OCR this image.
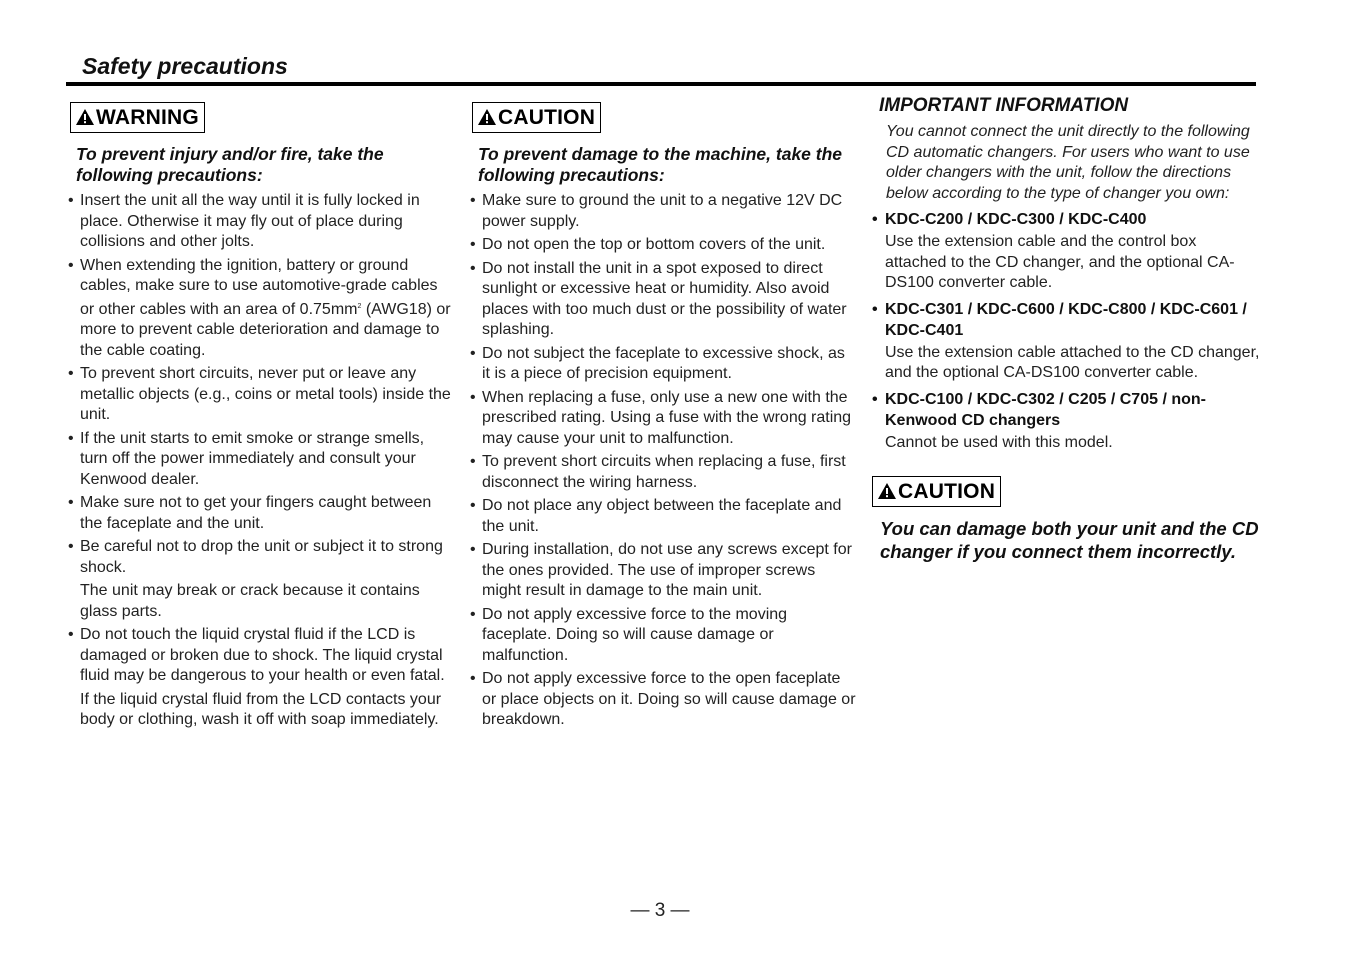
Safety precautions
WARNING
To prevent injury and/or fire, take the following precautions:
• Insert the unit all the way until it is fully locked in place. Otherwise it may fly out of place during collisions and other jolts.
• When extending the ignition, battery or ground cables, make sure to use automotive-grade cables or other cables with an area of $0.75mm^2$ (AWG18) or more to prevent cable deterioration and damage to the cable coating.
• To prevent short circuits, never put or leave any metallic objects (e.g., coins or metal tools) inside the unit.
• If the unit starts to emit smoke or strange smells, turn off the power immediately and consult your Kenwood dealer.
• Make sure not to get your fingers caught between the faceplate and the unit.
• Be careful not to drop the unit or subject it to strong shock.
The unit may break or crack because it contains glass parts.
• Do not touch the liquid crystal fluid if the LCD is damaged or broken due to shock. The liquid crystal fluid may be dangerous to your health or even fatal.
If the liquid crystal fluid from the LCD contacts your body or clothing, wash it off with soap immediately.
CAUTION
To prevent damage to the machine, take the following precautions:
• Make sure to ground the unit to a negative 12V DC power supply.
• Do not open the top or bottom covers of the unit.
• Do not install the unit in a spot exposed to direct sunlight or excessive heat or humidity. Also avoid places with too much dust or the possibility of water splashing.
• Do not subject the faceplate to excessive shock, as it is a piece of precision equipment.
• When replacing a fuse, only use a new one with the prescribed rating. Using a fuse with the wrong rating may cause your unit to malfunction.
• To prevent short circuits when replacing a fuse, first disconnect the wiring harness.
• Do not place any object between the faceplate and the unit.
• During installation, do not use any screws except for the ones provided. The use of improper screws might result in damage to the main unit.
• Do not apply excessive force to the moving faceplate. Doing so will cause damage or malfunction.
• Do not apply excessive force to the open faceplate or place objects on it. Doing so will cause damage or breakdown.
IMPORTANT INFORMATION
You cannot connect the unit directly to the following CD automatic changers. For users who want to use older changers with the unit, follow the directions below according to the type of changer you own:
• KDC-C200 / KDC-C300 / KDC-C400
Use the extension cable and the control box attached to the CD changer, and the optional CA-DS100 converter cable.
• KDC-C301 / KDC-C600 / KDC-C800 / KDC-C601 / KDC-C401
Use the extension cable attached to the CD changer, and the optional CA-DS100 converter cable.
• KDC-C100 / KDC-C302 / C205 / C705 / non-Kenwood CD changers
Cannot be used with this model.
CAUTION
You can damage both your unit and the CD changer if you connect them incorrectly.
— 3 —
